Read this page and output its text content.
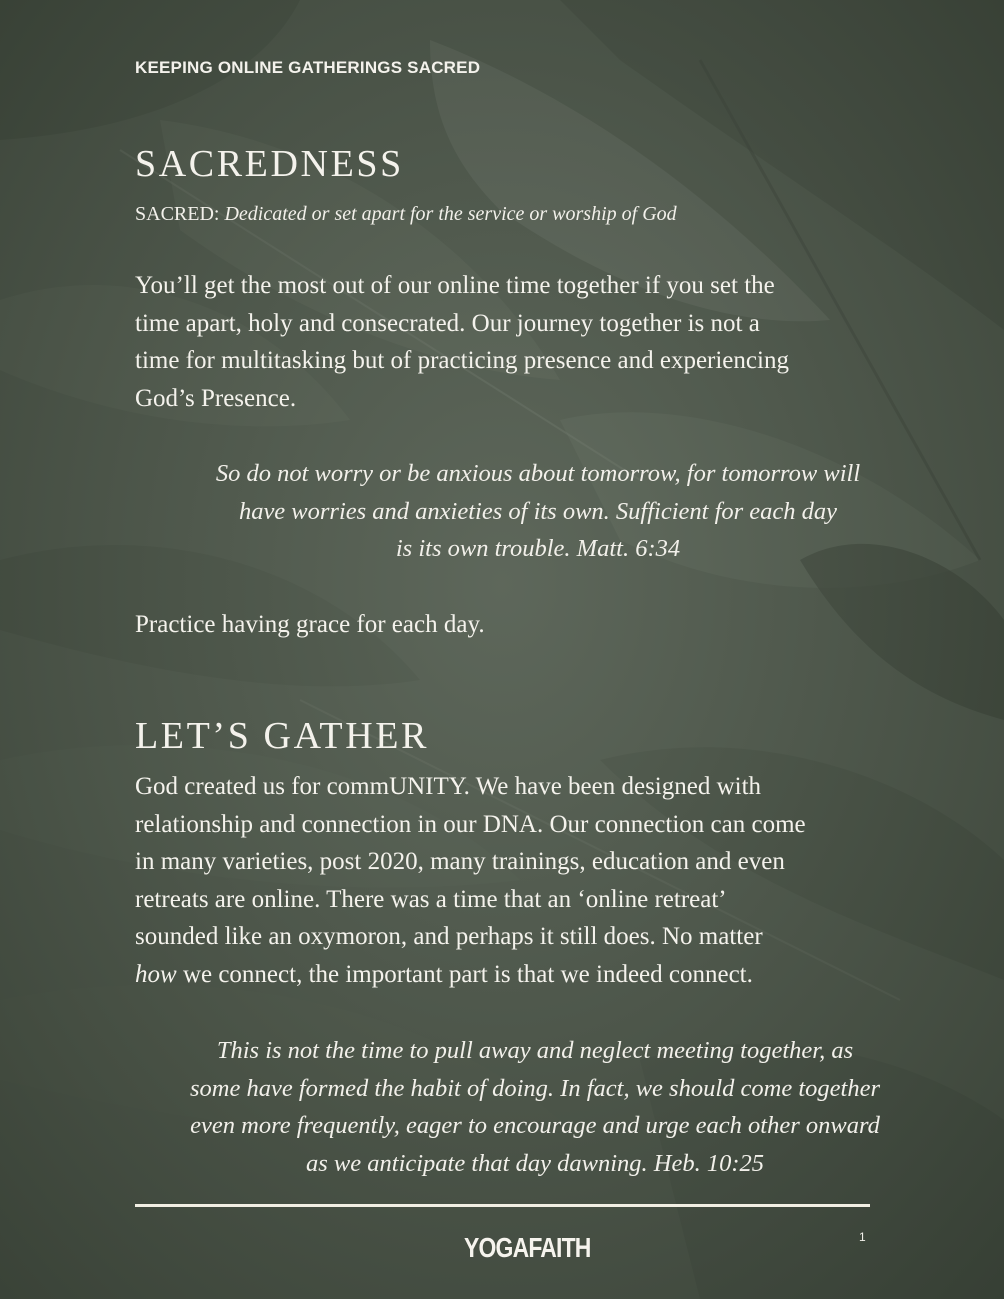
KEEPING ONLINE GATHERINGS SACRED
SACREDNESS
SACRED: Dedicated or set apart for the service or worship of God
You’ll get the most out of our online time together if you set the
time apart, holy and consecrated. Our journey together is not a
time for multitasking but of practicing presence and experiencing
God’s Presence.
So do not worry or be anxious about tomorrow, for tomorrow will
have worries and anxieties of its own. Sufficient for each day
is its own trouble. Matt. 6:34
Practice having grace for each day.
LET’S GATHER
God created us for commUNITY. We have been designed with
relationship and connection in our DNA. Our connection can come
in many varieties, post 2020, many trainings, education and even
retreats are online. There was a time that an ‘online retreat’
sounded like an oxymoron, and perhaps it still does. No matter
how we connect, the important part is that we indeed connect.
This is not the time to pull away and neglect meeting together, as
some have formed the habit of doing. In fact, we should come together
even more frequently, eager to encourage and urge each other onward
as we anticipate that day dawning. Heb. 10:25
YOGAFAITH	1
